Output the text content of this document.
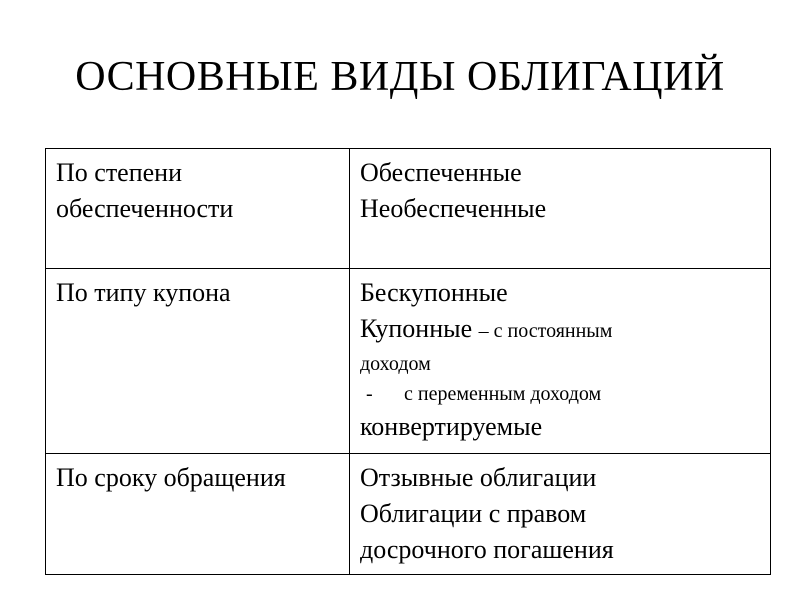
ОСНОВНЫЕ ВИДЫ ОБЛИГАЦИЙ
По степени
обеспеченности	Обеспеченные
Необеспеченные

По типу купона	Бескупонные
Купонные – с постоянным
доходом
- с переменным доходом
конвертируемые

По сроку обращения	Отзывные облигации
Облигации с правом
досрочного погашения
